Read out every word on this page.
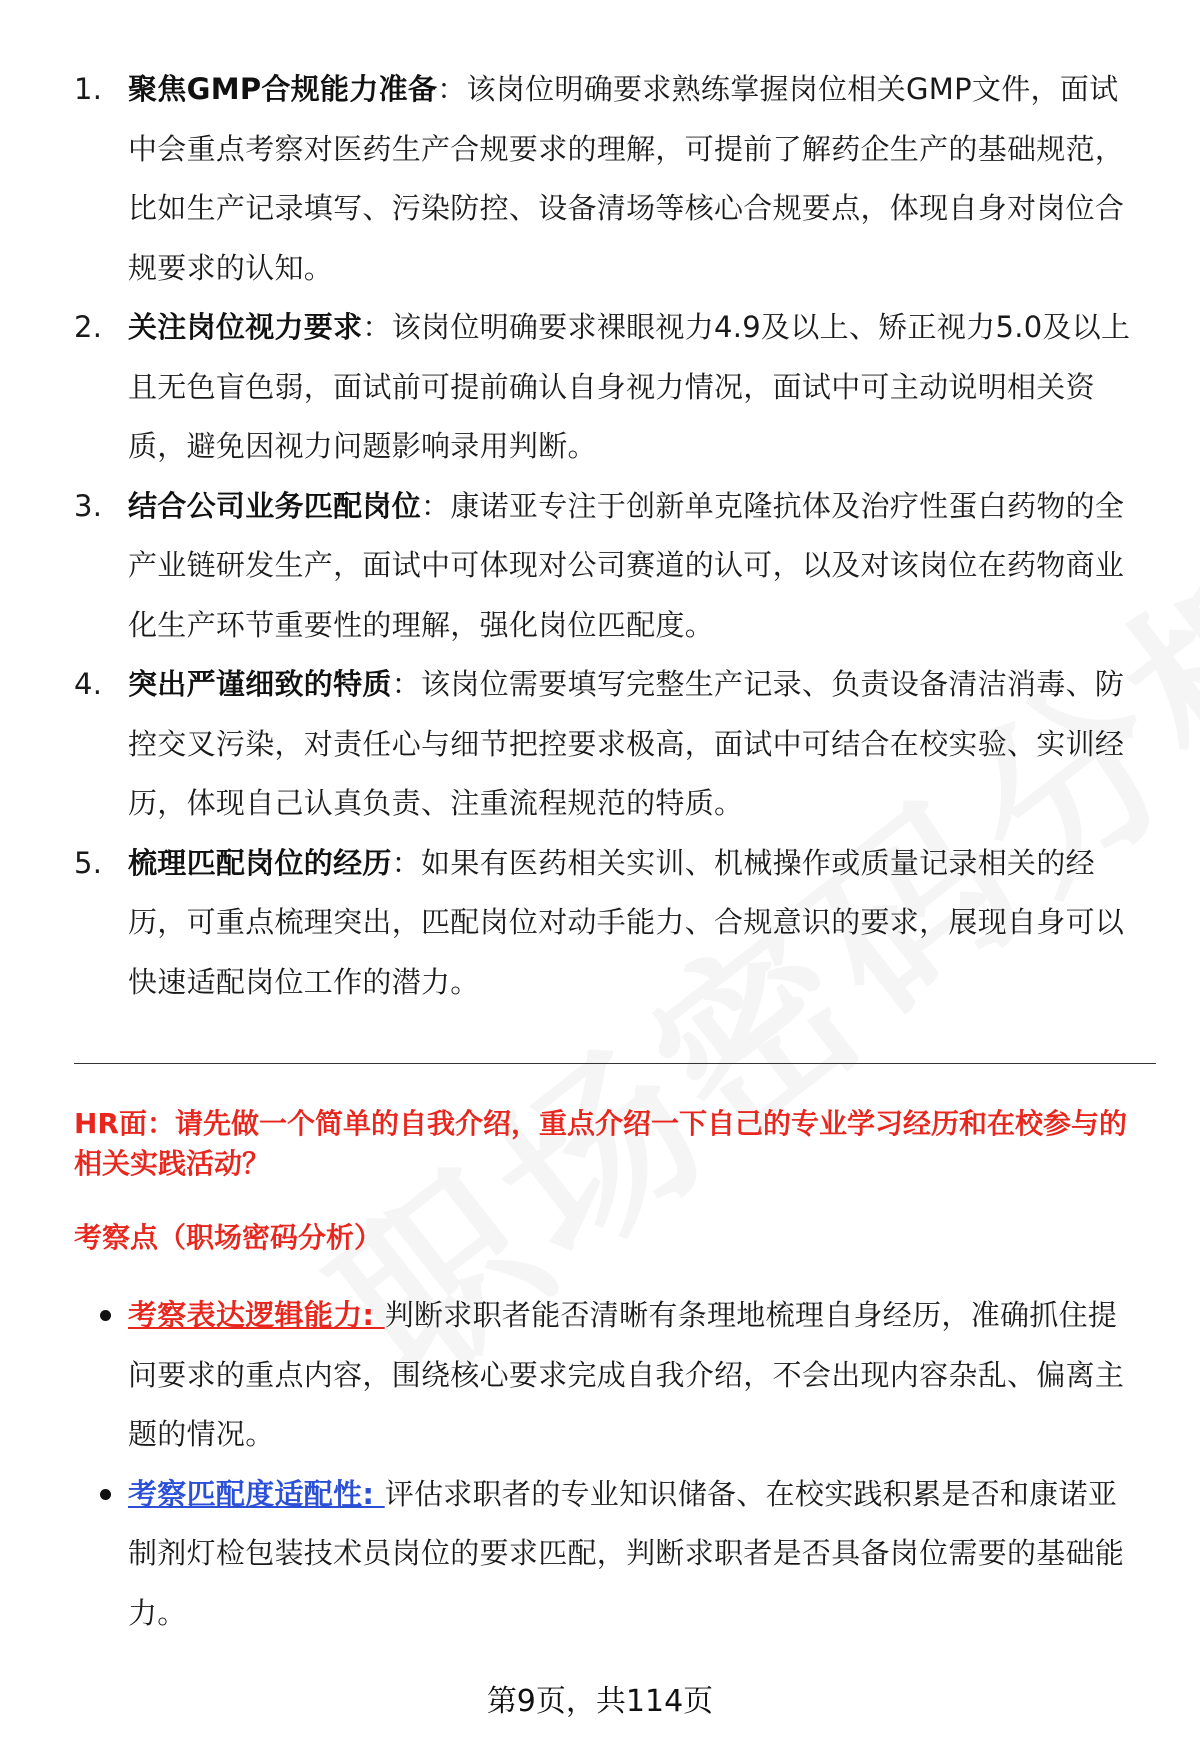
1. 聚焦GMP合规能力准备：该岗位明确要求熟练掌握岗位相关GMP文件，面试中会重点考察对医药生产合规要求的理解，可提前了解药企生产的基础规范，比如生产记录填写、污染防控、设备清场等核心合规要点，体现自身对岗位合规要求的认知。
2. 关注岗位视力要求：该岗位明确要求裸眼视力4.9及以上、矫正视力5.0及以上且无色盲色弱，面试前可提前确认自身视力情况，面试中可主动说明相关资质，避免因视力问题影响录用判断。
3. 结合公司业务匹配岗位：康诺亚专注于创新单克隆抗体及治疗性蛋白药物的全产业链研发生产，面试中可体现对公司赛道的认可，以及对该岗位在药物商业化生产环节重要性的理解，强化岗位匹配度。
4. 突出严谨细致的特质：该岗位需要填写完整生产记录、负责设备清洁消毒、防控交叉污染，对责任心与细节把控要求极高，面试中可结合在校实验、实训经历，体现自己认真负责、注重流程规范的特质。
5. 梳理匹配岗位的经历：如果有医药相关实训、机械操作或质量记录相关的经历，可重点梳理突出，匹配岗位对动手能力、合规意识的要求，展现自身可以快速适配岗位工作的潜力。

HR面：请先做一个简单的自我介绍，重点介绍一下自己的专业学习经历和在校参与的相关实践活动？

考察点（职场密码分析）

考察表达逻辑能力: 判断求职者能否清晰有条理地梳理自身经历，准确抓住提问要求的重点内容，围绕核心要求完成自我介绍，不会出现内容杂乱、偏离主题的情况。
考察匹配度适配性: 评估求职者的专业知识储备、在校实践积累是否和康诺亚制剂灯检包装技术员岗位的要求匹配，判断求职者是否具备岗位需要的基础能力。
第9页，共114页
